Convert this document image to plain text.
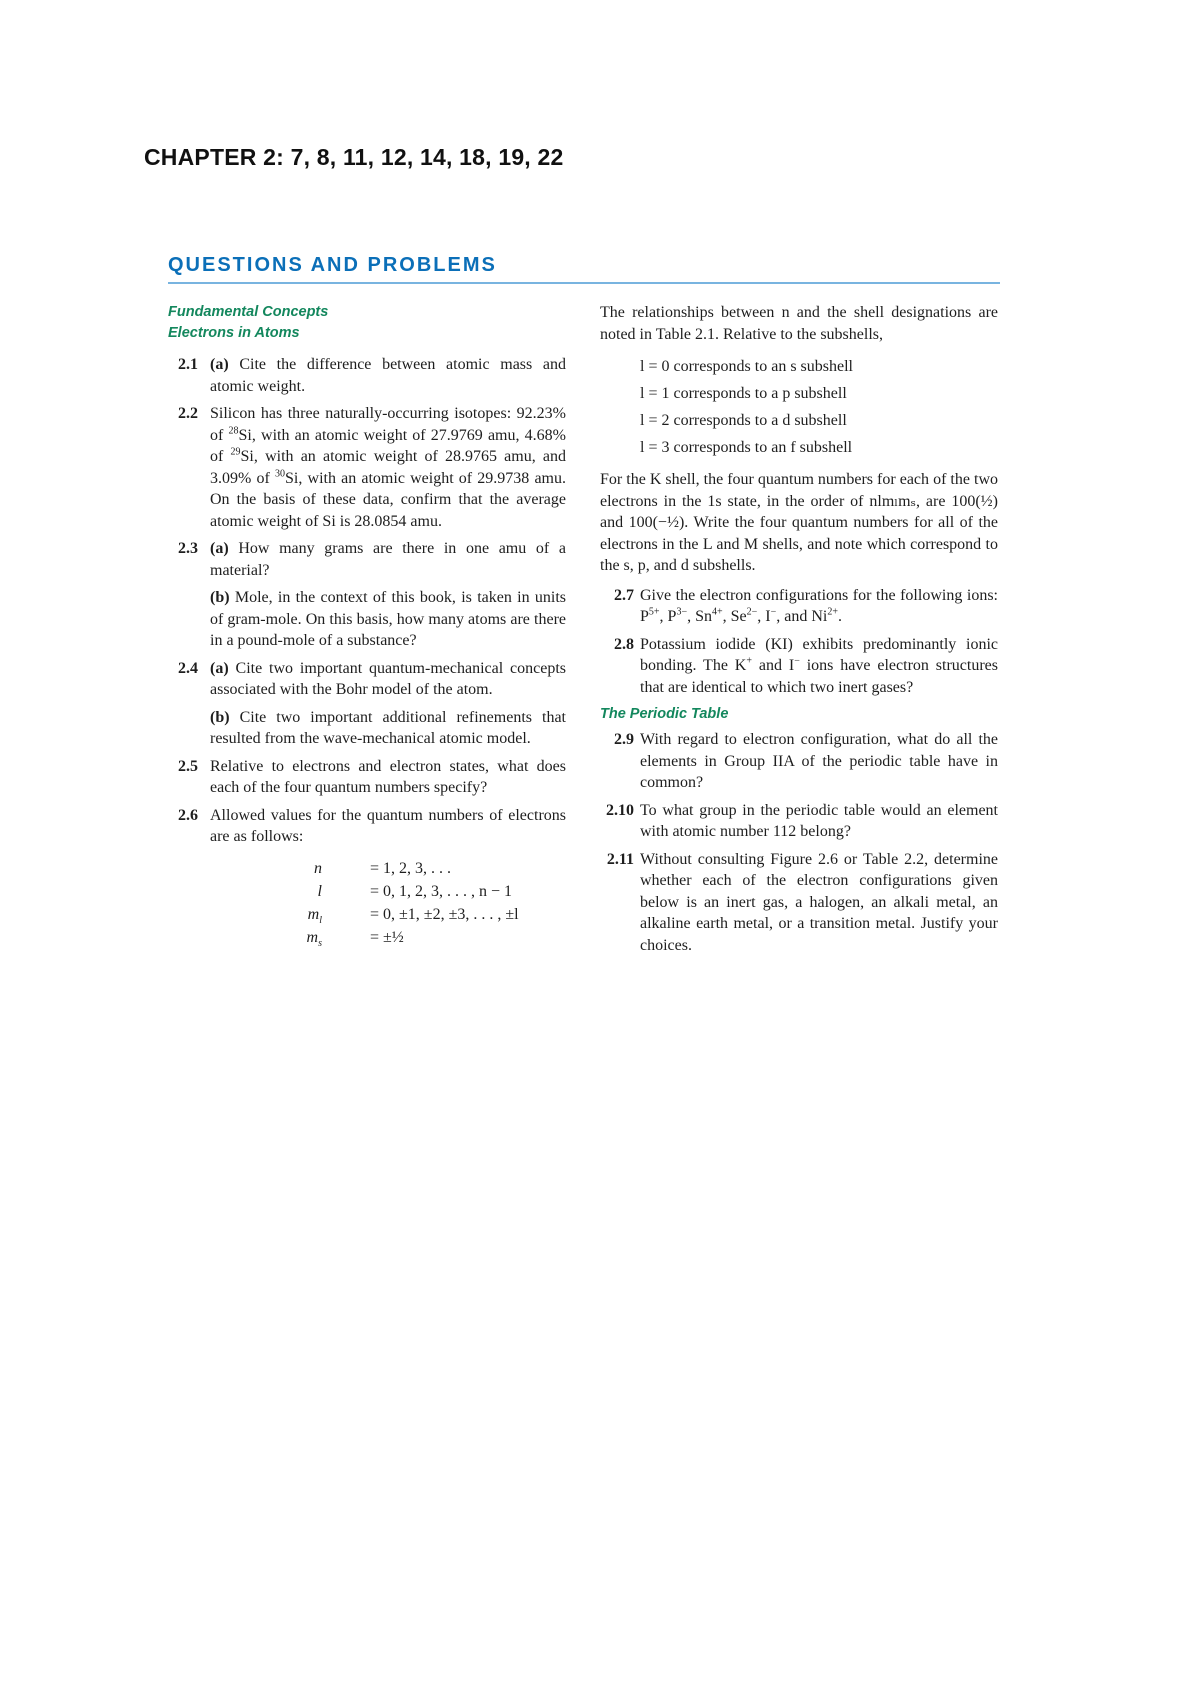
CHAPTER 2: 7, 8, 11, 12, 14, 18, 19, 22
QUESTIONS AND PROBLEMS
Fundamental Concepts
Electrons in Atoms
2.1 (a) Cite the difference between atomic mass and atomic weight.
2.2 Silicon has three naturally-occurring isotopes: 92.23% of $^{28}$Si, with an atomic weight of 27.9769 amu, 4.68% of $^{29}$Si, with an atomic weight of 28.9765 amu, and 3.09% of $^{30}$Si, with an atomic weight of 29.9738 amu. On the basis of these data, confirm that the average atomic weight of Si is 28.0854 amu.
2.3 (a) How many grams are there in one amu of a material?
(b) Mole, in the context of this book, is taken in units of gram-mole. On this basis, how many atoms are there in a pound-mole of a substance?
2.4 (a) Cite two important quantum-mechanical concepts associated with the Bohr model of the atom.
(b) Cite two important additional refinements that resulted from the wave-mechanical atomic model.
2.5 Relative to electrons and electron states, what does each of the four quantum numbers specify?
2.6 Allowed values for the quantum numbers of electrons are as follows:
n	= 1, 2, 3, . . .
l	= 0, 1, 2, 3, . . . , n − 1
$m_l$	= 0, ±1, ±2, ±3, . . . , ±l
$m_s$	= ±½
The relationships between n and the shell designations are noted in Table 2.1. Relative to the subshells,
l = 0 corresponds to an s subshell
l = 1 corresponds to a p subshell
l = 2 corresponds to a d subshell
l = 3 corresponds to an f subshell
For the K shell, the four quantum numbers for each of the two electrons in the 1s state, in the order of nlmₗmₛ, are 100(½) and 100(−½). Write the four quantum numbers for all of the electrons in the L and M shells, and note which correspond to the s, p, and d subshells.
2.7 Give the electron configurations for the following ions: $P^{5+}$, $P^{3-}$, $Sn^{4+}$, $Se^{2-}$, I−, and $Ni^{2+}$.
2.8 Potassium iodide (KI) exhibits predominantly ionic bonding. The K+ and I− ions have electron structures that are identical to which two inert gases?
The Periodic Table
2.9 With regard to electron configuration, what do all the elements in Group IIA of the periodic table have in common?
2.10 To what group in the periodic table would an element with atomic number 112 belong?
2.11 Without consulting Figure 2.6 or Table 2.2, determine whether each of the electron configurations given below is an inert gas, a halogen, an alkali metal, an alkaline earth metal, or a transition metal. Justify your choices.
